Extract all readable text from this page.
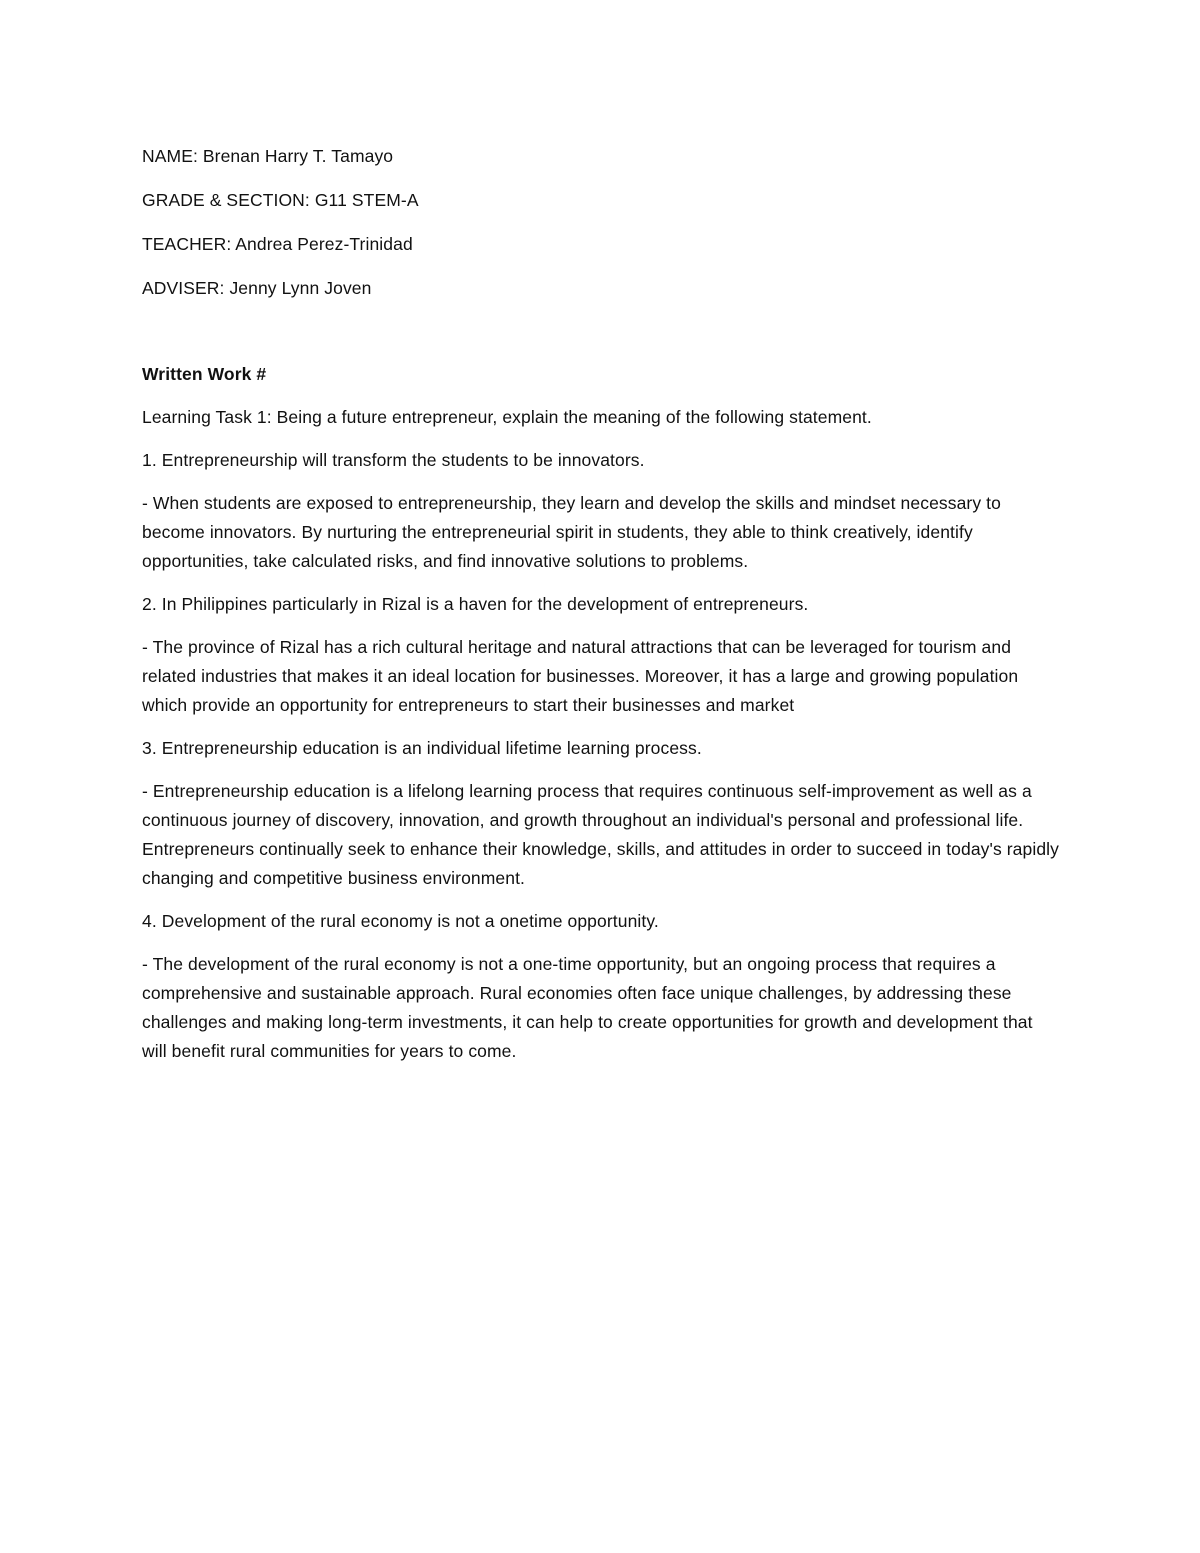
NAME: Brenan Harry T. Tamayo
GRADE & SECTION: G11 STEM-A
TEACHER: Andrea Perez-Trinidad
ADVISER: Jenny Lynn Joven

Written Work #

Learning Task 1: Being a future entrepreneur, explain the meaning of the following statement.

1. Entrepreneurship will transform the students to be innovators.

- When students are exposed to entrepreneurship, they learn and develop the skills and mindset necessary to become innovators. By nurturing the entrepreneurial spirit in students, they able to think creatively, identify opportunities, take calculated risks, and find innovative solutions to problems.

2. In Philippines particularly in Rizal is a haven for the development of entrepreneurs.

- The province of Rizal has a rich cultural heritage and natural attractions that can be leveraged for tourism and related industries that makes it an ideal location for businesses. Moreover, it has a large and growing population which provide an opportunity for entrepreneurs to start their businesses and market

3. Entrepreneurship education is an individual lifetime learning process.

- Entrepreneurship education is a lifelong learning process that requires continuous self-improvement as well as a continuous journey of discovery, innovation, and growth throughout an individual's personal and professional life. Entrepreneurs continually seek to enhance their knowledge, skills, and attitudes in order to succeed in today's rapidly changing and competitive business environment.

4. Development of the rural economy is not a onetime opportunity.

- The development of the rural economy is not a one-time opportunity, but an ongoing process that requires a comprehensive and sustainable approach. Rural economies often face unique challenges, by addressing these challenges and making long-term investments, it can help to create opportunities for growth and development that will benefit rural communities for years to come.
